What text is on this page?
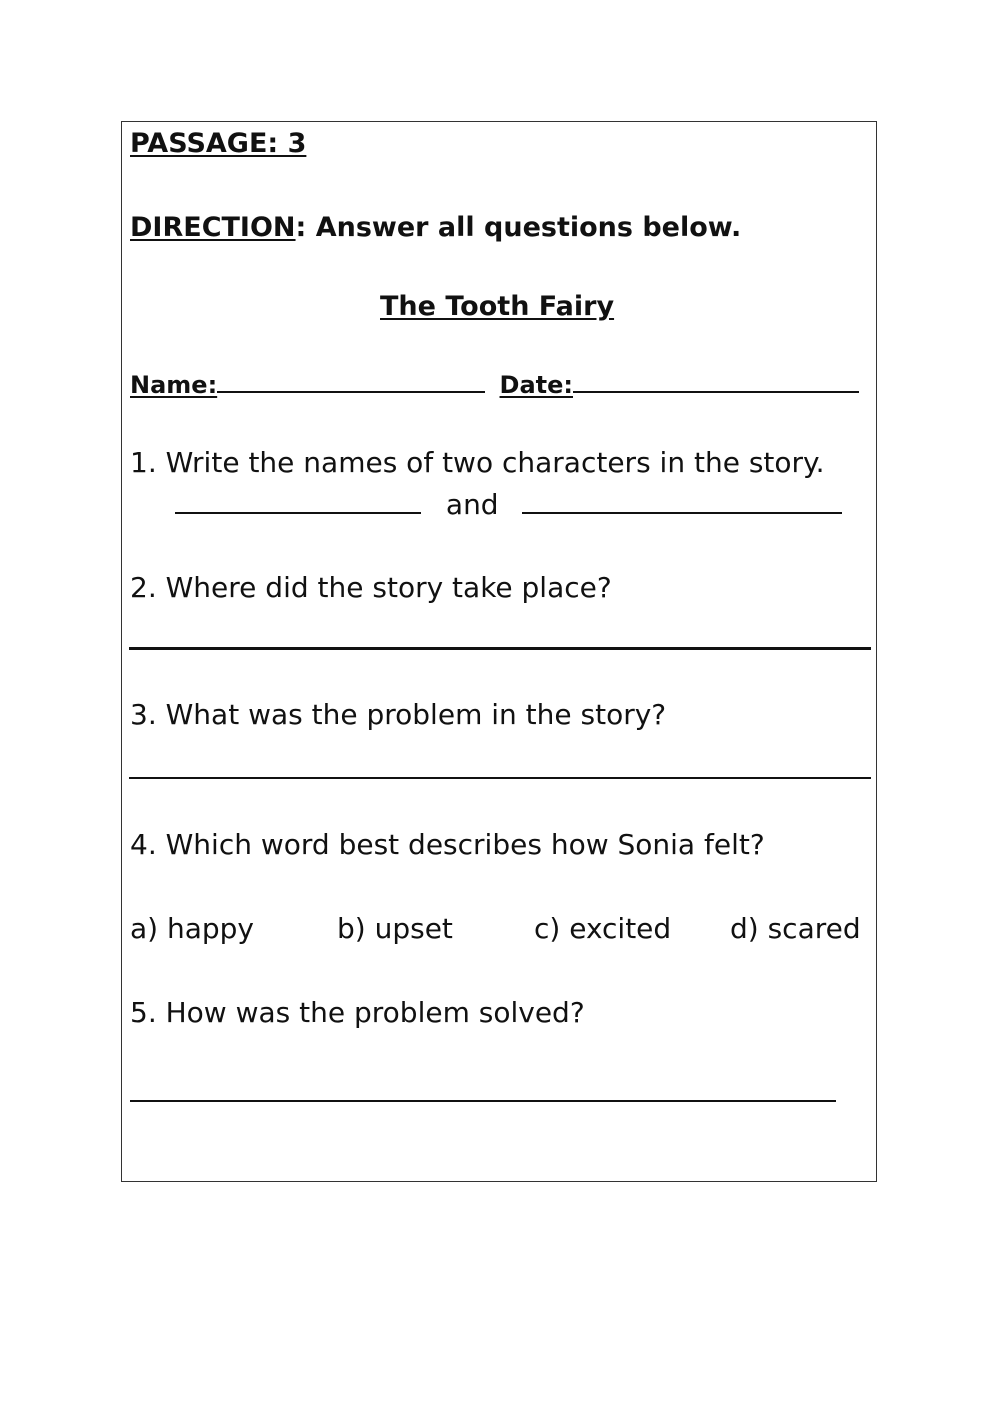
PASSAGE: 3
DIRECTION: Answer all questions below.
The Tooth Fairy
Name:	Date:
1. Write the names of two characters in the story.
and
2. Where did the story take place?
3. What was the problem in the story?
4. Which word best describes how Sonia felt?
a) happy	b) upset	c) excited d) scared
5. How was the problem solved?
